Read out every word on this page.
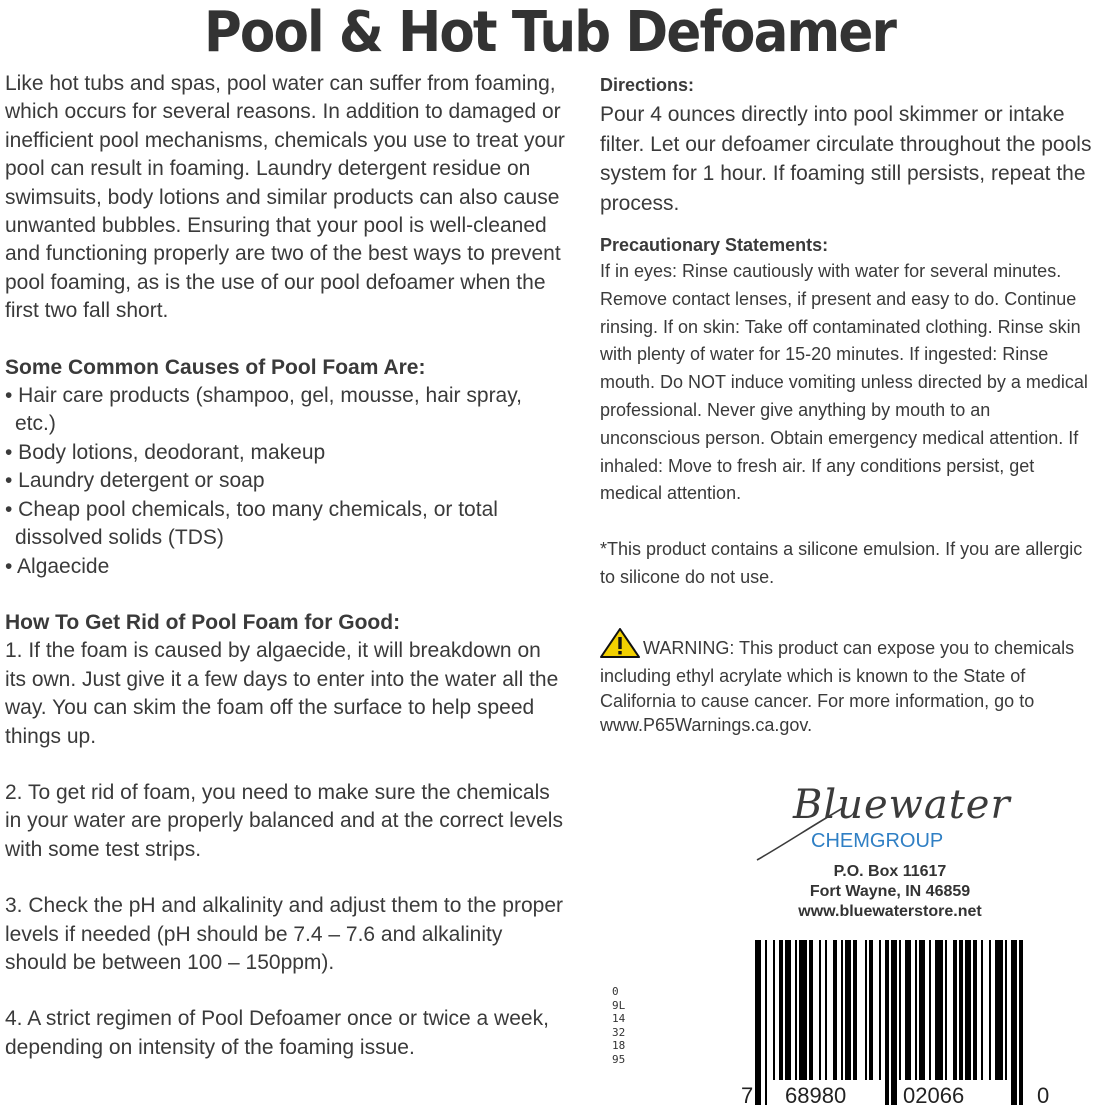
Pool & Hot Tub Defoamer

Like hot tubs and spas, pool water can suffer from foaming, which occurs for several reasons. In addition to damaged or inefficient pool mechanisms, chemicals you use to treat your pool can result in foaming. Laundry detergent residue on swimsuits, body lotions and similar products can also cause unwanted bubbles. Ensuring that your pool is well-cleaned and functioning properly are two of the best ways to prevent pool foaming, as is the use of our pool defoamer when the first two fall short.

Some Common Causes of Pool Foam Are:

• Hair care products (shampoo, gel, mousse, hair spray, etc.)

• Body lotions, deodorant, makeup

• Laundry detergent or soap

• Cheap pool chemicals, too many chemicals, or total dissolved solids (TDS)

• Algaecide

How To Get Rid of Pool Foam for Good:

1. If the foam is caused by algaecide, it will breakdown on its own. Just give it a few days to enter into the water all the way. You can skim the foam off the surface to help speed things up.

2. To get rid of foam, you need to make sure the chemicals in your water are properly balanced and at the correct levels with some test strips.

3. Check the pH and alkalinity and adjust them to the proper levels if needed (pH should be 7.4 – 7.6 and alkalinity should be between 100 – 150ppm).

4. A strict regimen of Pool Defoamer once or twice a week, depending on intensity of the foaming issue.

Directions:

Pour 4 ounces directly into pool skimmer or intake filter. Let our defoamer circulate throughout the pools system for 1 hour. If foaming still persists, repeat the process.

Precautionary Statements:

If in eyes: Rinse cautiously with water for several minutes. Remove contact lenses, if present and easy to do. Continue rinsing. If on skin: Take off contaminated clothing. Rinse skin with plenty of water for 15-20 minutes. If ingested: Rinse mouth. Do NOT induce vomiting unless directed by a medical professional. Never give anything by mouth to an unconscious person. Obtain emergency medical attention. If inhaled: Move to fresh air. If any conditions persist, get medical attention.

*This product contains a silicone emulsion. If you are allergic to silicone do not use.

WARNING: This product can expose you to chemicals including ethyl acrylate which is known to the State of California to cause cancer. For more information, go to www.P65Warnings.ca.gov.

Bluewater
CHEMGROUP
P.O. Box 11617
Fort Wayne, IN 46859
www.bluewaterstore.net
0
9L
14
32
18
95
7 68980	02066	0
